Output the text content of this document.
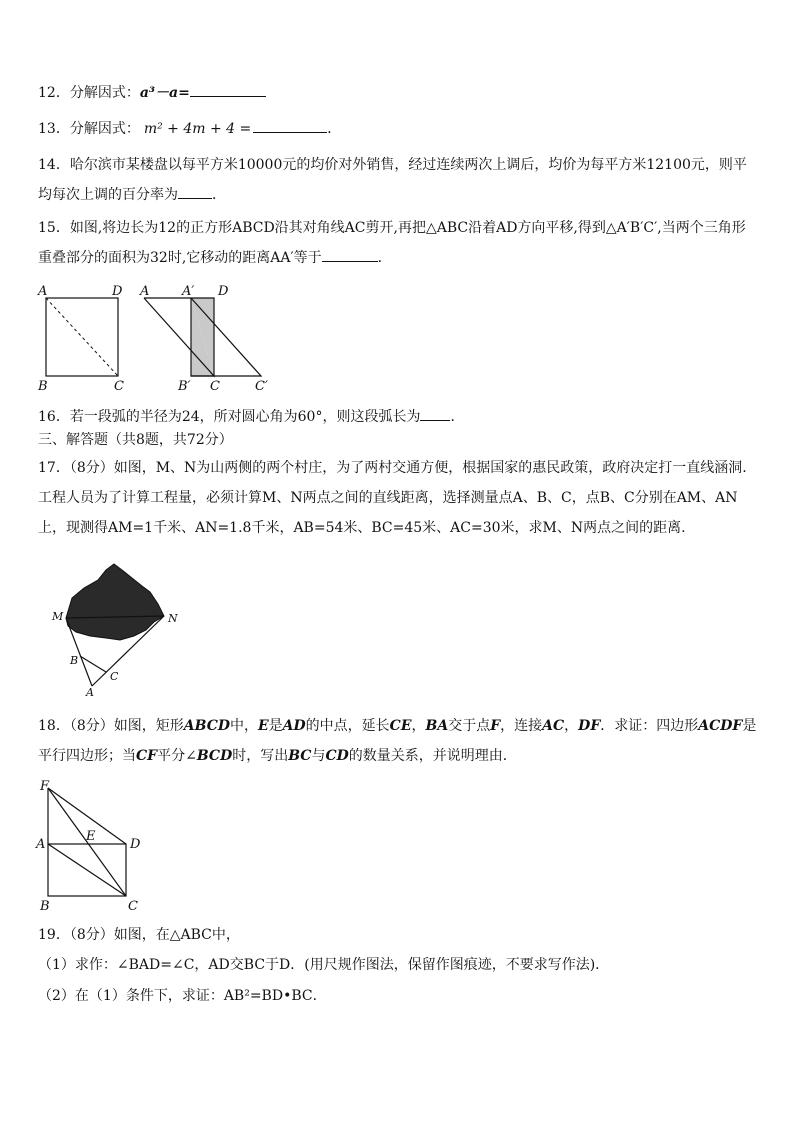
12．分解因式：a³－a=
13．分解因式： m² + 4m + 4 =	．
14．哈尔滨市某楼盘以每平方米10000元的均价对外销售，经过连续两次上调后，均价为每平方米12100元，则平均每次上调的百分率为 ．
15．如图,将边长为12的正方形ABCD沿其对角线AC剪开,再把△ABC沿着AD方向平移,得到△A′B′C′,当两个三角形重叠部分的面积为32时,它移动的距离AA′等于	．
A	D
B	C
A	A′ D
B′ C	C′
16．若一段弧的半径为24，所对圆心角为60°，则这段弧长为 ．
三、解答题（共8题，共72分）
17．（8分）如图，M、N为山两侧的两个村庄，为了两村交通方便，根据国家的惠民政策，政府决定打一直线涵洞.工程人员为了计算工程量，必须计算M、N两点之间的直线距离，选择测量点A、B、C，点B、C分别在AM、AN上，现测得AM=1千米、AN=1.8千米，AB=54米、BC=45米、AC=30米，求M、N两点之间的距离.
M	N
B
C
A
18．（8分）如图，矩形ABCD中，E是AD的中点，延长CE，BA交于点F，连接AC，DF．求证：四边形ACDF是平行四边形；当CF平分∠BCD时，写出BC与CD的数量关系，并说明理由．
F
A
E
D
B	C
19．（8分）如图，在△ABC中，
（1）求作：∠BAD=∠C，AD交BC于D．(用尺规作图法，保留作图痕迹，不要求写作法)．
（2）在（1）条件下，求证：AB²=BD•BC．
